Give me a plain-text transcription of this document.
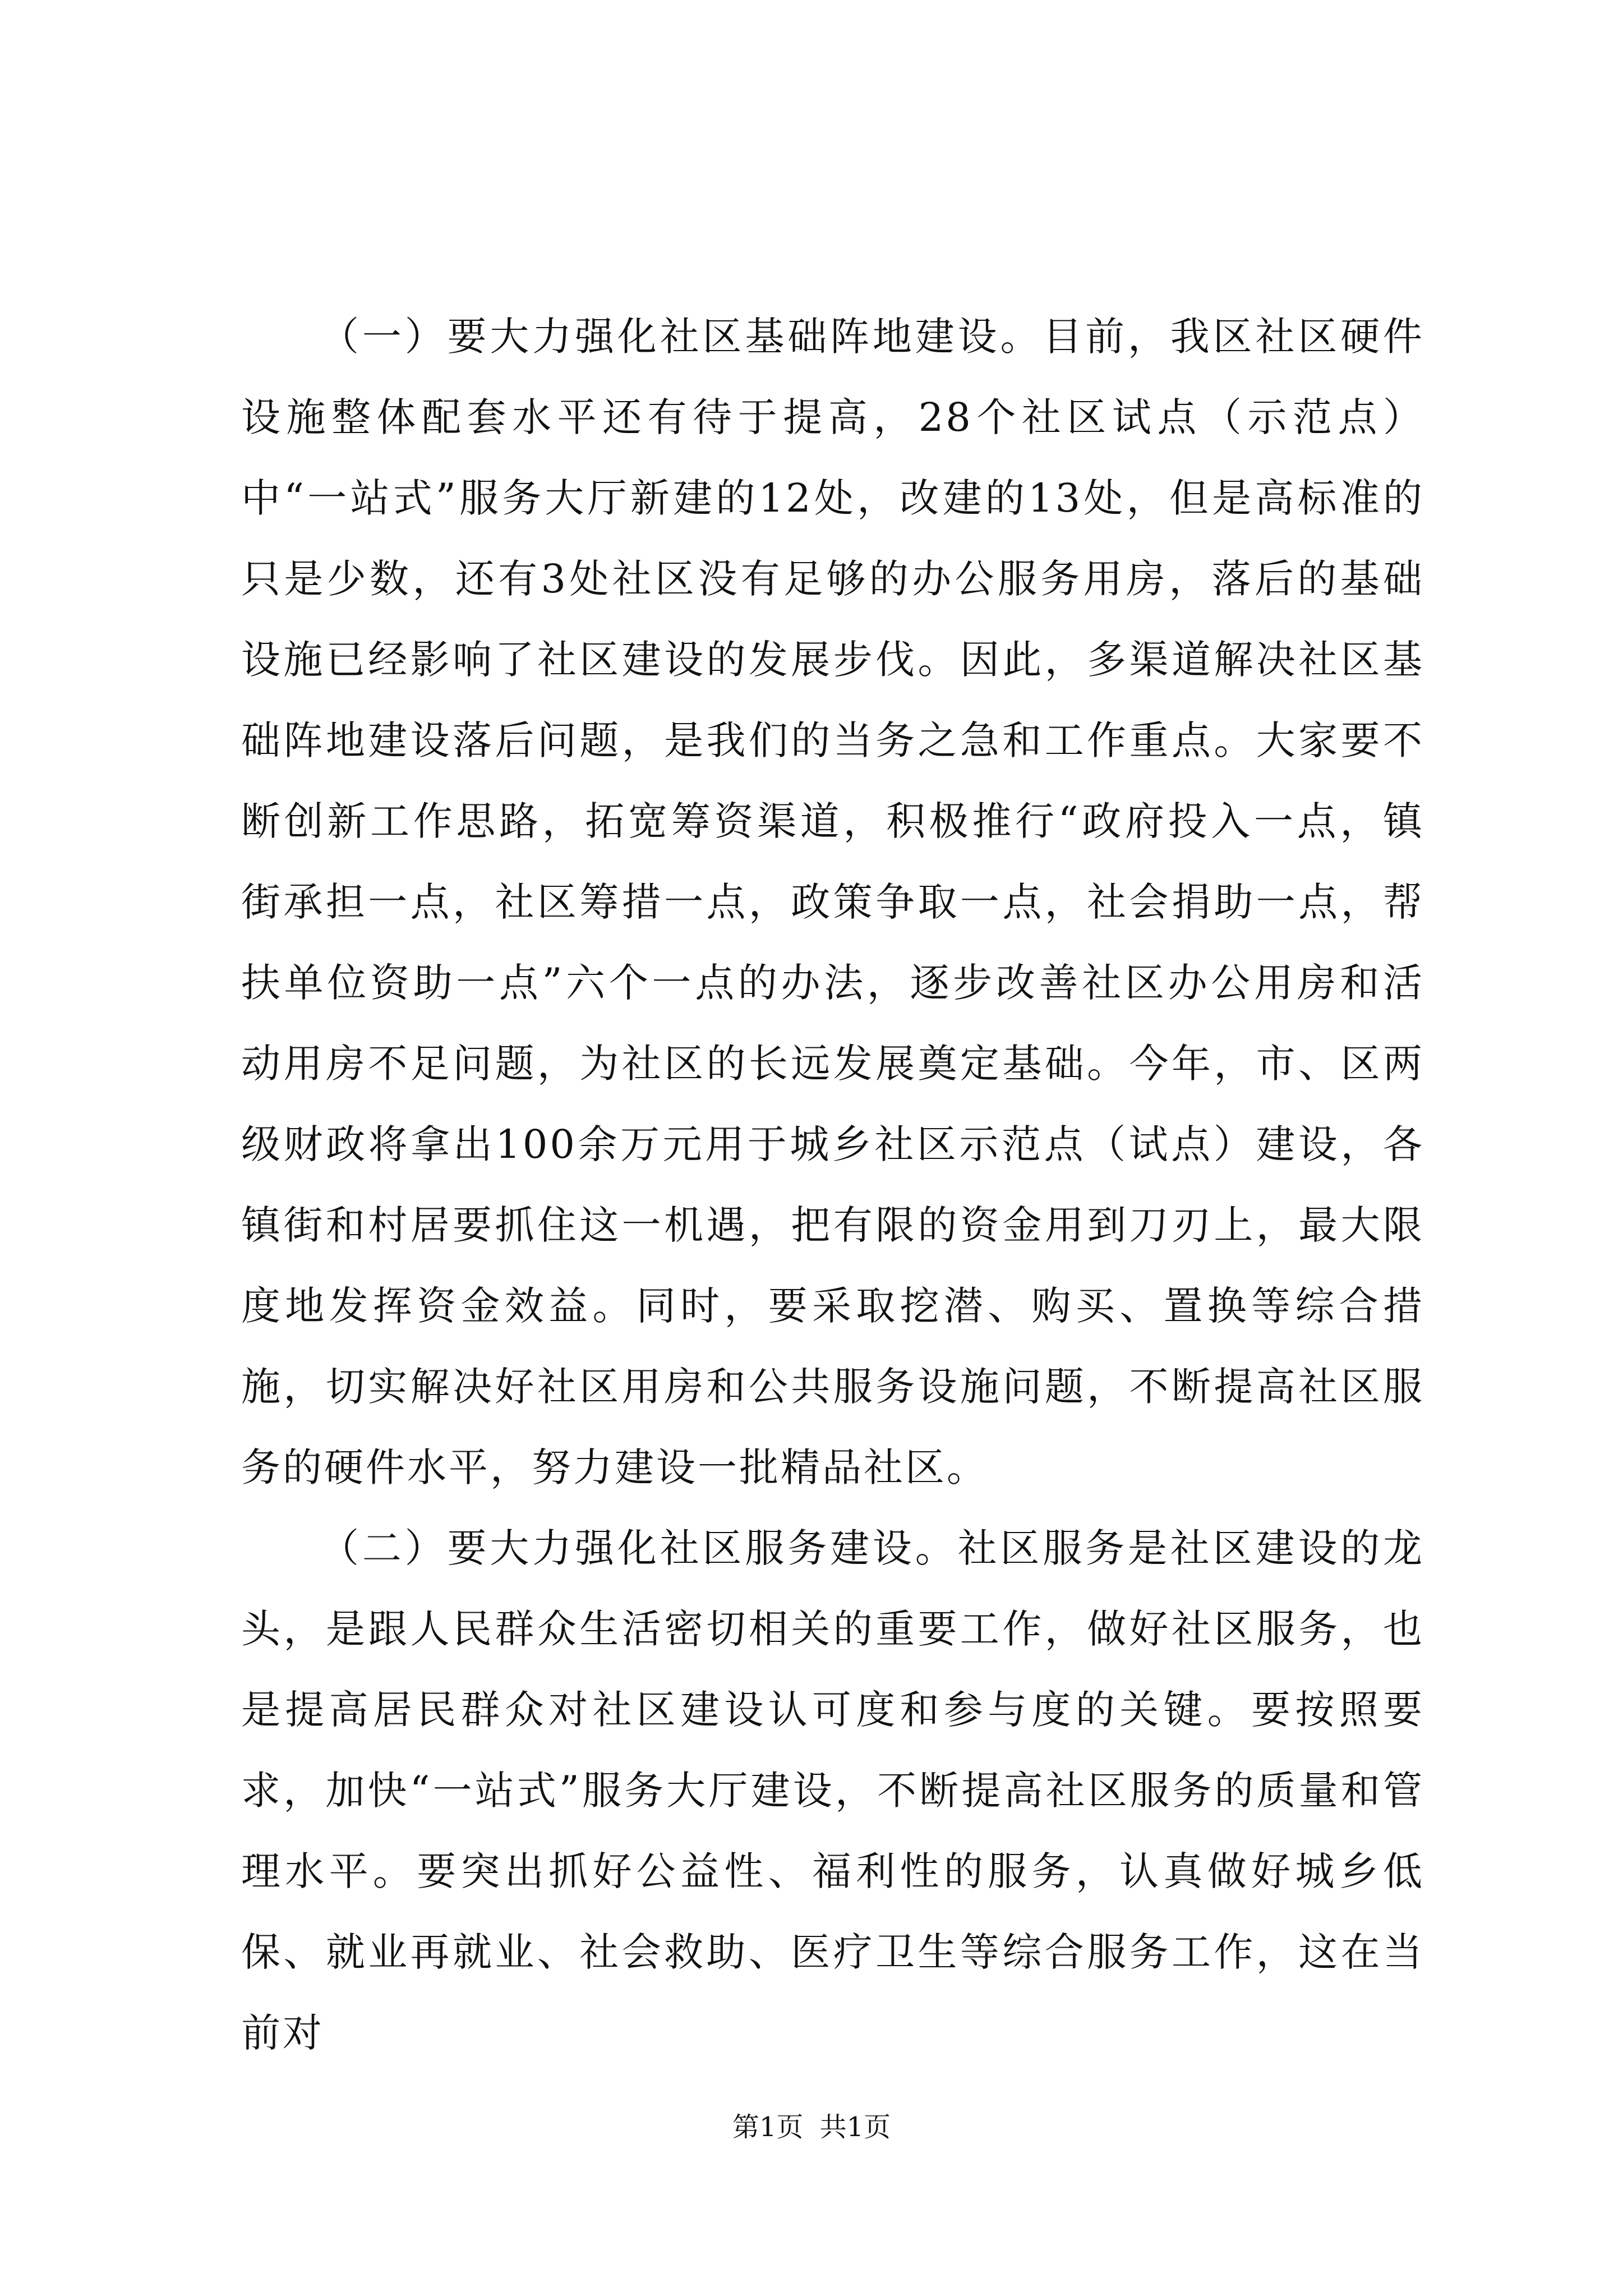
（一）要大力强化社区基础阵地建设。目前，我区社区硬件设施整体配套水平还有待于提高，28个社区试点（示范点）中“一站式”服务大厅新建的12处，改建的13处，但是高标准的只是少数，还有3处社区没有足够的办公服务用房，落后的基础设施已经影响了社区建设的发展步伐。因此，多渠道解决社区基础阵地建设落后问题，是我们的当务之急和工作重点。大家要不断创新工作思路，拓宽筹资渠道，积极推行“政府投入一点，镇街承担一点，社区筹措一点，政策争取一点，社会捐助一点，帮扶单位资助一点”六个一点的办法，逐步改善社区办公用房和活动用房不足问题，为社区的长远发展奠定基础。今年，市、区两级财政将拿出100余万元用于城乡社区示范点（试点）建设，各镇街和村居要抓住这一机遇，把有限的资金用到刀刃上，最大限度地发挥资金效益。同时，要采取挖潜、购买、置换等综合措施，切实解决好社区用房和公共服务设施问题，不断提高社区服务的硬件水平，努力建设一批精品社区。

（二）要大力强化社区服务建设。社区服务是社区建设的龙头，是跟人民群众生活密切相关的重要工作，做好社区服务，也是提高居民群众对社区建设认可度和参与度的关键。要按照要求，加快“一站式”服务大厅建设，不断提高社区服务的质量和管理水平。要突出抓好公益性、福利性的服务，认真做好城乡低保、就业再就业、社会救助、医疗卫生等综合服务工作，这在当前对

第1页 共1页
